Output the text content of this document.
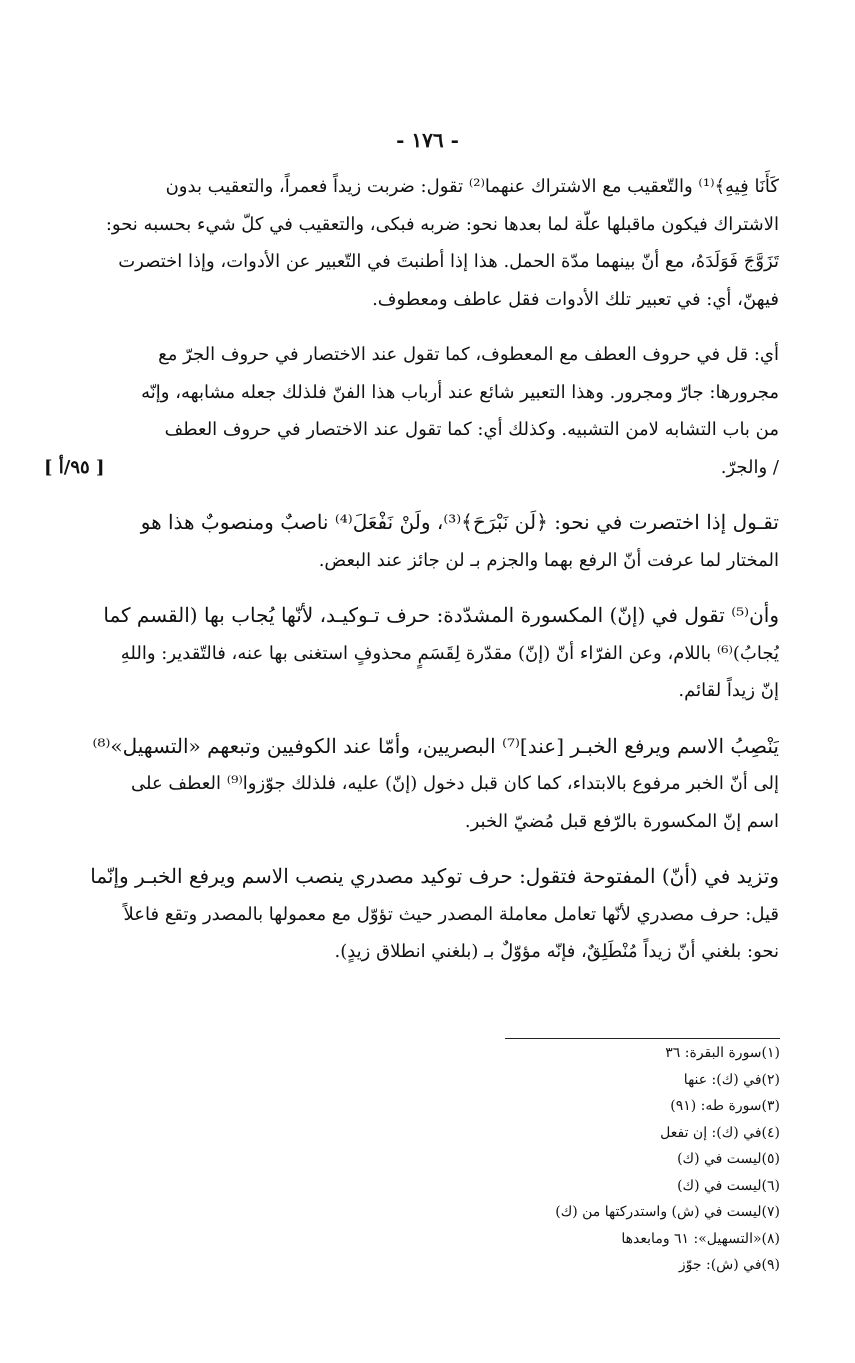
- ١٧٦ -

كَأَنَا فِيهِ﴾⁽¹⁾ والتّعقيب مع الاشتراك عنهما⁽²⁾ تقول: ضربت زيداً فعمراً، والتعقيب بدون
الاشتراك فيكون ماقبلها علّة لما بعدها نحو: ضربه فبكى، والتعقيب في كلّ شيء بحسبه نحو:
تَزَوَّجَ فَوَلَدَهُ، مع أنّ بينهما مدّة الحمل. هذا إذا أطنبتَ في التّعبير عن الأدوات، وإذا اختصرت
فيهنّ، أي: في تعبير تلك الأدوات فقل عاطف ومعطوف.

أي: قل في حروف العطف مع المعطوف، كما تقول عند الاختصار في حروف الجرّ مع
مجرورها: جارّ ومجرور. وهذا التعبير شائع عند أرباب هذا الفنّ فلذلك جعله مشابهه، وإنّه
من باب التشابه لامن التشبيه. وكذلك أي: كما تقول عند الاختصار في حروف العطف
/ والجرّ.
[ ٩٥/أ ]

تقـول إذا اختصرت في نحو: ﴿لَن نَبْرَحَ﴾⁽³⁾، ولَنْ نَفْعَلَ⁽⁴⁾ ناصبٌ ومنصوبٌ هذا هو
المختار لما عرفت أنّ الرفع بهما والجزم بـ لن جائز عند البعض.

وأن⁽⁵⁾ تقول في (إنّ) المكسورة المشدّدة: حرف تـوكيـد، لأنّها يُجاب بها (القسم كما
يُجابُ)⁽⁶⁾ باللام، وعن الفرّاء أنّ (إنّ) مقدّرة لِقَسَمٍ محذوفٍ استغنى بها عنه، فالتّقدير: واللهِ
إنّ زيداً لقائم.

يَنْصِبُ الاسم ويرفع الخبـر [عند]⁽⁷⁾ البصريين، وأمّا عند الكوفيين وتبعهم «التسهيل»⁽⁸⁾
إلى أنّ الخبر مرفوع بالابتداء، كما كان قبل دخول (إنّ) عليه، فلذلك جوّزوا⁽⁹⁾ العطف على
اسم إنّ المكسورة بالرّفع قبل مُضيّ الخبر.

وتزيد في (أنّ) المفتوحة فتقول: حرف توكيد مصدري ينصب الاسم ويرفع الخبـر وإنّما
قيل: حرف مصدري لأنّها تعامل معاملة المصدر حيث تؤوّل مع معمولها بالمصدر وتقع فاعلاً
نحو: بلغني أنّ زيداً مُنْطَلِقٌ، فإنّه مؤوّلٌ بـ (بلغني انطلاق زيدٍ).

(١)سورة البقرة: ٣٦
(٢)في (ك): عنها
(٣)سورة طه: (٩١)
(٤)في (ك): إن تفعل
(٥)ليست في (ك)
(٦)ليست في (ك)
(٧)ليست في (ش) واستدركتها من (ك)
(٨)«التسهيل»: ٦١ ومابعدها
(٩)في (ش): جوّز
